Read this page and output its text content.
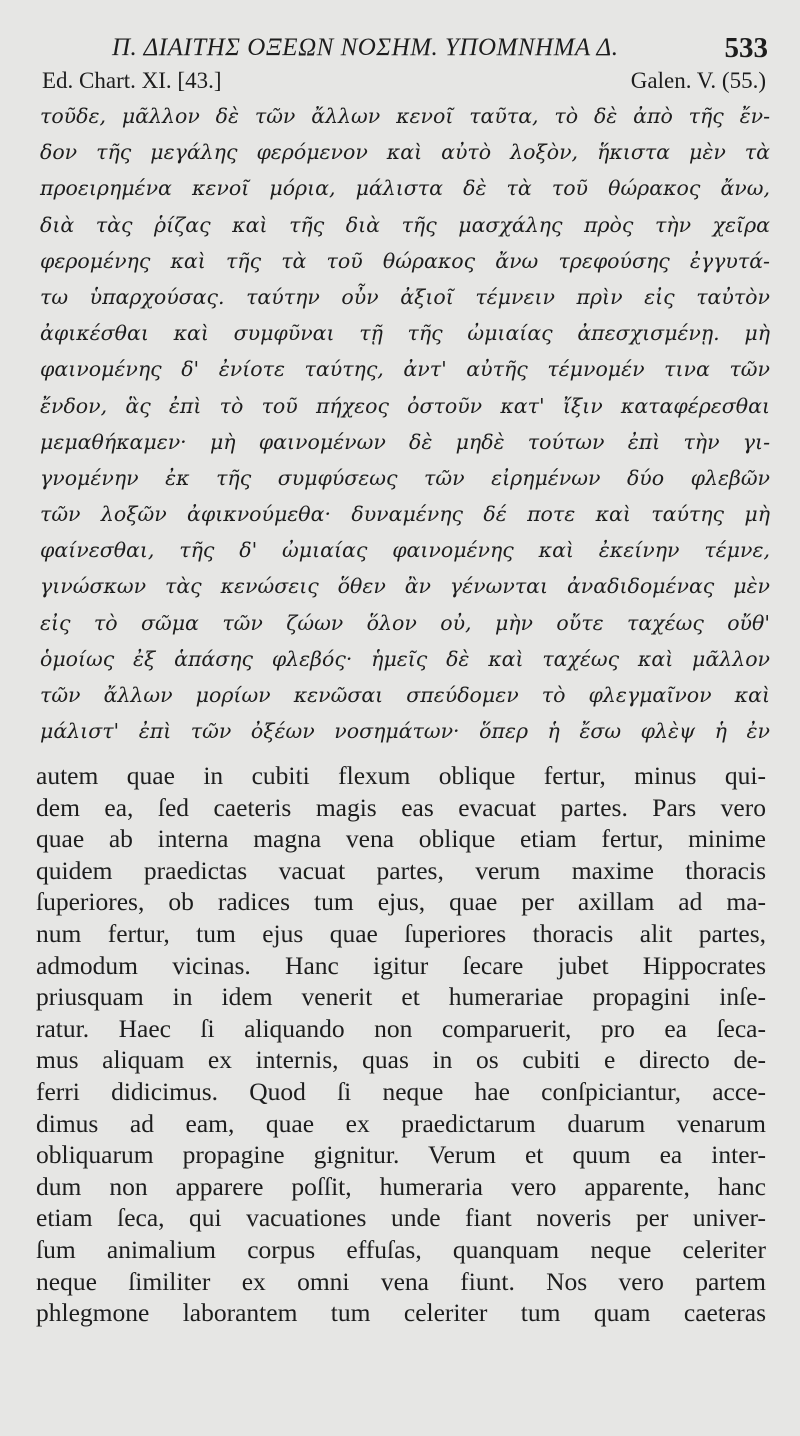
Π. ΔΙΑΙΤΗΣ ΟΞΕΩΝ ΝΟΣΗΜ. ΥΠΟΜΝΗΜΑ Δ.	533
Ed. Chart. XI. [43.]	Galen. V. (55.)
τοῦδε, μᾶλλον δὲ τῶν ἄλλων κενοῖ ταῦτα, τὸ δὲ ἀπὸ τῆς ἔν-
δον τῆς μεγάλης φερόμενον καὶ αὐτὸ λοξὸν, ἥκιστα μὲν τὰ
προειρημένα κενοῖ μόρια, μάλιστα δὲ τὰ τοῦ θώρακος ἄνω,
διὰ τὰς ῥίζας καὶ τῆς διὰ τῆς μασχάλης πρὸς τὴν χεῖρα
φερομένης καὶ τῆς τὰ τοῦ θώρακος ἄνω τρεφούσης ἐγγυτά-
τω ὑπαρχούσας. ταύτην οὖν ἀξιοῖ τέμνειν πρὶν εἰς ταὐτὸν
ἀφικέσθαι καὶ συμφῦναι τῇ τῆς ὠμιαίας ἀπεσχισμένῃ. μὴ
φαινομένης δ' ἐνίοτε ταύτης, ἀντ' αὐτῆς τέμνομέν τινα τῶν
ἔνδον, ἃς ἐπὶ τὸ τοῦ πήχεος ὀστοῦν κατ' ἴξιν καταφέρεσθαι
μεμαθήκαμεν· μὴ φαινομένων δὲ μηδὲ τούτων ἐπὶ τὴν γι-
γνομένην ἐκ τῆς συμφύσεως τῶν εἰρημένων δύο φλεβῶν
τῶν λοξῶν ἀφικνούμεθα· δυναμένης δέ ποτε καὶ ταύτης μὴ
φαίνεσθαι, τῆς δ' ὠμιαίας φαινομένης καὶ ἐκείνην τέμνε,
γινώσκων τὰς κενώσεις ὅθεν ἂν γένωνται ἀναδιδομένας μὲν
εἰς τὸ σῶμα τῶν ζώων ὅλον οὐ, μὴν οὔτε ταχέως οὔθ'
ὁμοίως ἐξ ἁπάσης φλεβός· ἡμεῖς δὲ καὶ ταχέως καὶ μᾶλλον
τῶν ἄλλων μορίων κενῶσαι σπεύδομεν τὸ φλεγμαῖνον καὶ
μάλιστ' ἐπὶ τῶν ὀξέων νοσημάτων· ὅπερ ἡ ἔσω φλὲψ ἡ ἐν
autem quae in cubiti flexum oblique fertur, minus qui-
dem ea, ſed caeteris magis eas evacuat partes. Pars vero
quae ab interna magna vena oblique etiam fertur, minime
quidem praedictas vacuat partes, verum maxime thoracis
ſuperiores, ob radices tum ejus, quae per axillam ad ma-
num fertur, tum ejus quae ſuperiores thoracis alit partes,
admodum vicinas. Hanc igitur ſecare jubet Hippocrates
priusquam in idem venerit et humerariae propagini inſe-
ratur. Haec ſi aliquando non comparuerit, pro ea ſeca-
mus aliquam ex internis, quas in os cubiti e directo de-
ferri didicimus. Quod ſi neque hae conſpiciantur, acce-
dimus ad eam, quae ex praedictarum duarum venarum
obliquarum propagine gignitur. Verum et quum ea inter-
dum non apparere poſſit, humeraria vero apparente, hanc
etiam ſeca, qui vacuationes unde fiant noveris per univer-
ſum animalium corpus effuſas, quanquam neque celeriter
neque ſimiliter ex omni vena fiunt. Nos vero partem
phlegmone laborantem tum celeriter tum quam caeteras
